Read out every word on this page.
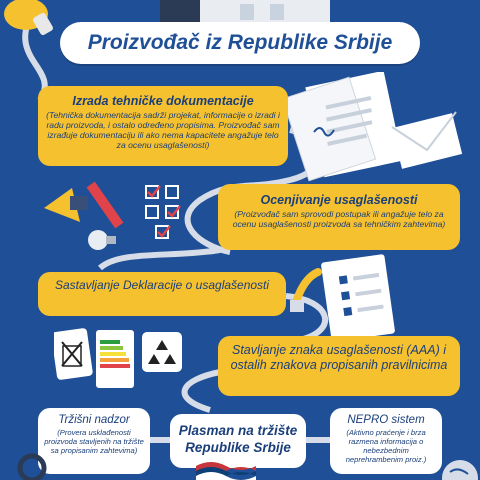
Proizvođač iz Republike Srbije
Izrada tehničke dokumentacije
(Tehnička dokumentacija sadrži projekat, informacije o izradi i radu proizvoda, i ostalo određeno propisima. Proizvođač sam izrađuje dokumentaciju ili ako nema kapacitete angažuje telo za ocenu usaglašenosti)
Ocenjivanje usaglašenosti
(Proizvođač sam sprovodi postupak ili angažuje telo za ocenu usaglašenosti proizvoda sa tehničkim zahtevima)
Sastavljanje Deklaracije o usaglašenosti
Stavljanje znaka usaglašenosti (AAA) i ostalih znakova propisanih pravilnicima
Tržišni nadzor
(Provera usklađenosti proizvoda stavljenih na tržište sa propisanim zahtevima)
Plasman na tržište Republike Srbije
NEPRO sistem
(Aktivno praćenje i brza razmena informacija o nebezbednim neprehrambenim proiz.)
